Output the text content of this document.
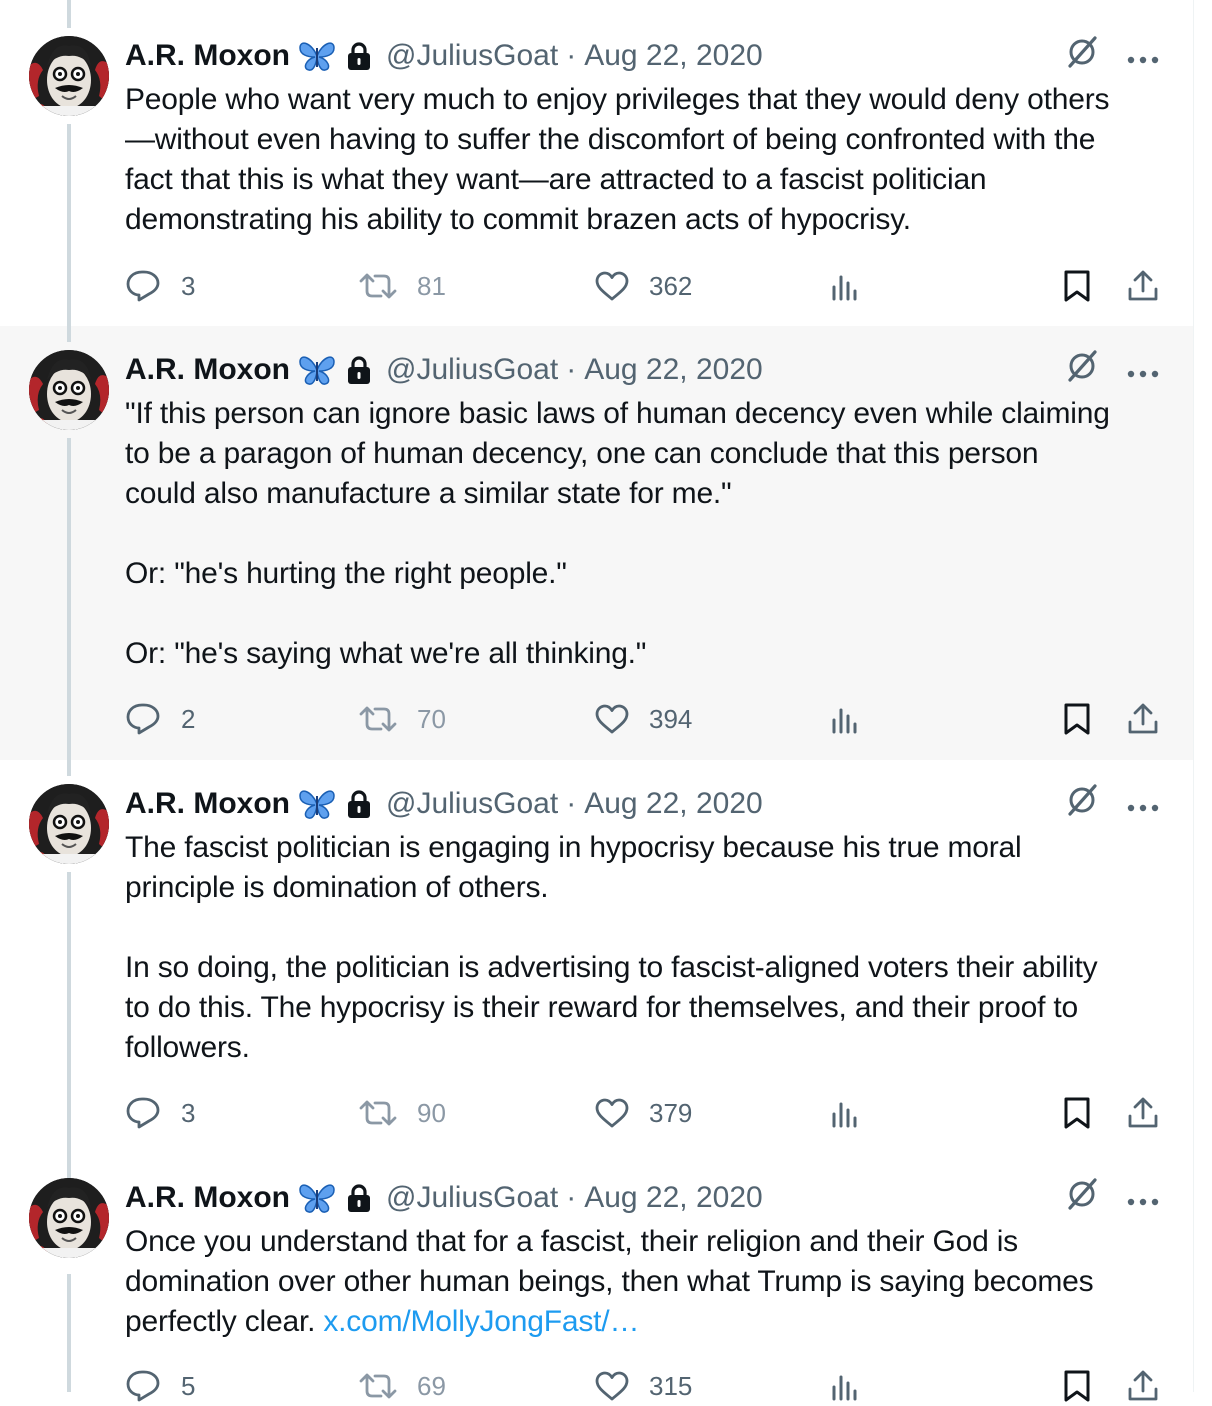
A.R. Moxon	@JuliusGoat · Aug 22, 2020
People who want very much to enjoy privileges that they would deny others
—without even having to suffer the discomfort of being confronted with the
fact that this is what they want—are attracted to a fascist politician
demonstrating his ability to commit brazen acts of hypocrisy.
3	81	362
A.R. Moxon	@JuliusGoat · Aug 22, 2020
"If this person can ignore basic laws of human decency even while claiming
to be a paragon of human decency, one can conclude that this person
could also manufacture a similar state for me."

Or: "he's hurting the right people."

Or: "he's saying what we're all thinking."
2	70	394
A.R. Moxon	@JuliusGoat · Aug 22, 2020
The fascist politician is engaging in hypocrisy because his true moral
principle is domination of others.

In so doing, the politician is advertising to fascist-aligned voters their ability
to do this. The hypocrisy is their reward for themselves, and their proof to
followers.
3	90	379
A.R. Moxon	@JuliusGoat · Aug 22, 2020
Once you understand that for a fascist, their religion and their God is
domination over other human beings, then what Trump is saying becomes
perfectly clear. x.com/MollyJongFast/…
5	69	315
